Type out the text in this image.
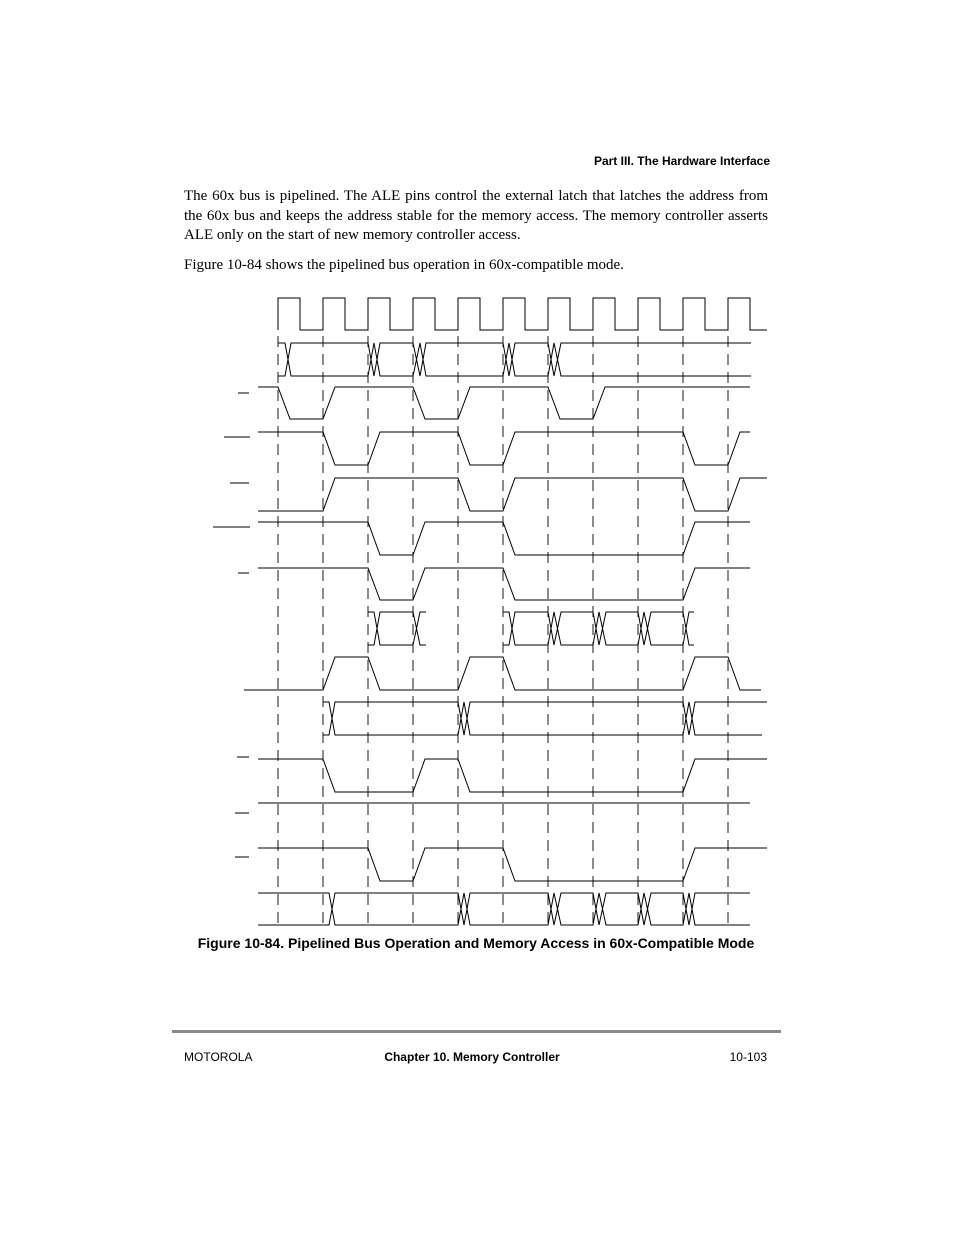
Part III. The Hardware Interface

The 60x bus is pipelined. The ALE pins control the external latch that latches the address from the 60x bus and keeps the address stable for the memory access. The memory controller asserts ALE only on the start of new memory controller access.

Figure 10-84 shows the pipelined bus operation in 60x-compatible mode.

Figure 10-84. Pipelined Bus Operation and Memory Access in 60x-Compatible Mode
MOTOROLA	Chapter 10. Memory Controller	10-103
